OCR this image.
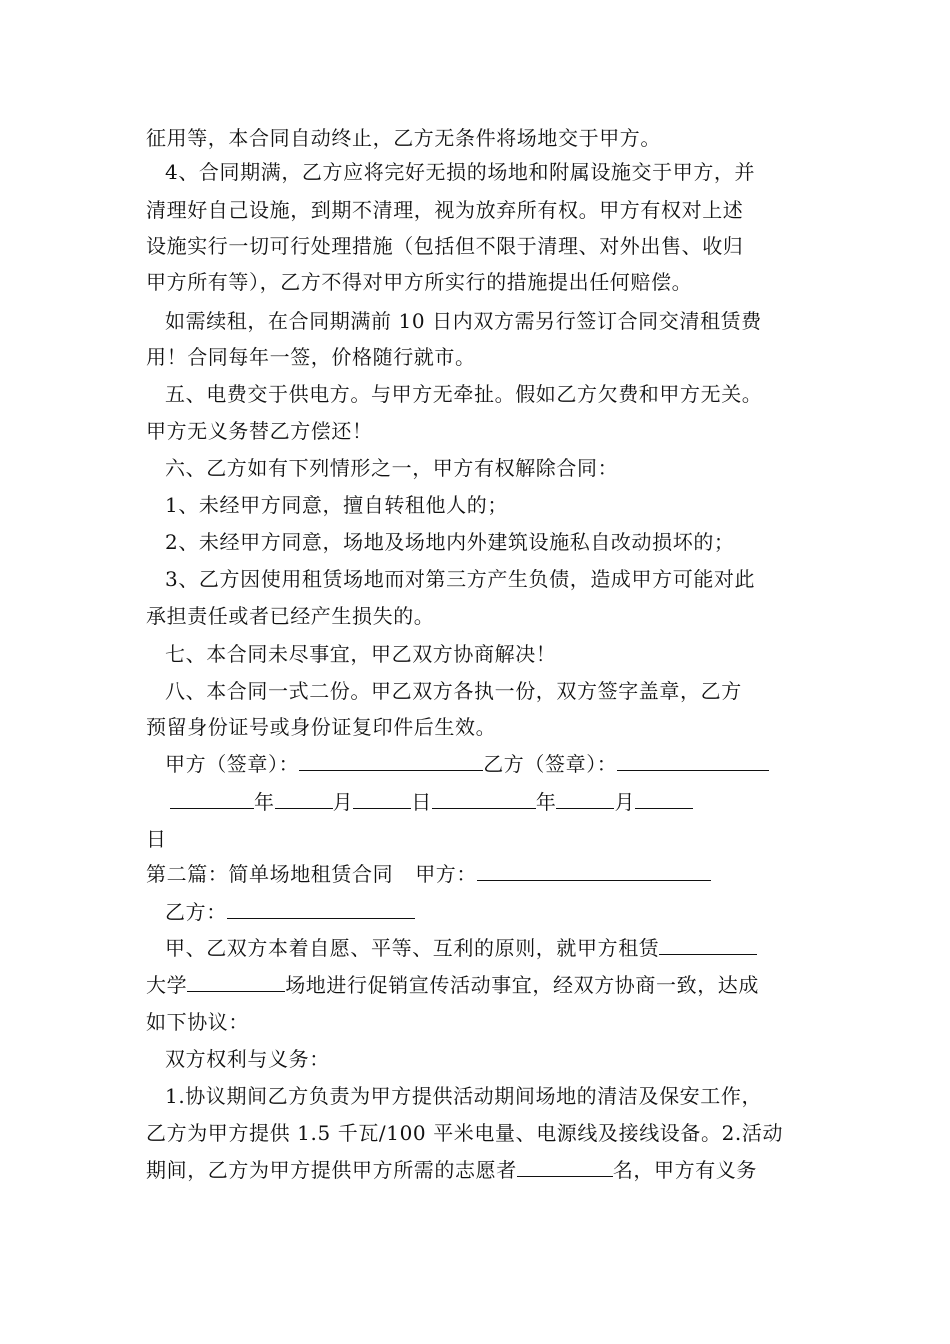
征用等，本合同自动终止，乙方无条件将场地交于甲方。
4、合同期满，乙方应将完好无损的场地和附属设施交于甲方，并
清理好自己设施，到期不清理，视为放弃所有权。甲方有权对上述
设施实行一切可行处理措施（包括但不限于清理、对外出售、收归
甲方所有等），乙方不得对甲方所实行的措施提出任何赔偿。
如需续租，在合同期满前 10 日内双方需另行签订合同交清租赁费
用！合同每年一签，价格随行就市。
五、电费交于供电方。与甲方无牵扯。假如乙方欠费和甲方无关。
甲方无义务替乙方偿还！
六、乙方如有下列情形之一，甲方有权解除合同：
1、未经甲方同意，擅自转租他人的；
2、未经甲方同意，场地及场地内外建筑设施私自改动损坏的；
3、乙方因使用租赁场地而对第三方产生负债，造成甲方可能对此
承担责任或者已经产生损失的。
七、本合同未尽事宜，甲乙双方协商解决！
八、本合同一式二份。甲乙双方各执一份，双方签字盖章，乙方
预留身份证号或身份证复印件后生效。
甲方（签章）：	乙方（签章）：
年	月	日	年	月
日
第二篇：简单场地租赁合同 甲方：
乙方：
甲、乙双方本着自愿、平等、互利的原则，就甲方租赁
大学	场地进行促销宣传活动事宜，经双方协商一致，达成
如下协议：
双方权利与义务：
1.协议期间乙方负责为甲方提供活动期间场地的清洁及保安工作，
乙方为甲方提供 1.5 千瓦/100 平米电量、电源线及接线设备。2.活动
期间，乙方为甲方提供甲方所需的志愿者	名，甲方有义务
